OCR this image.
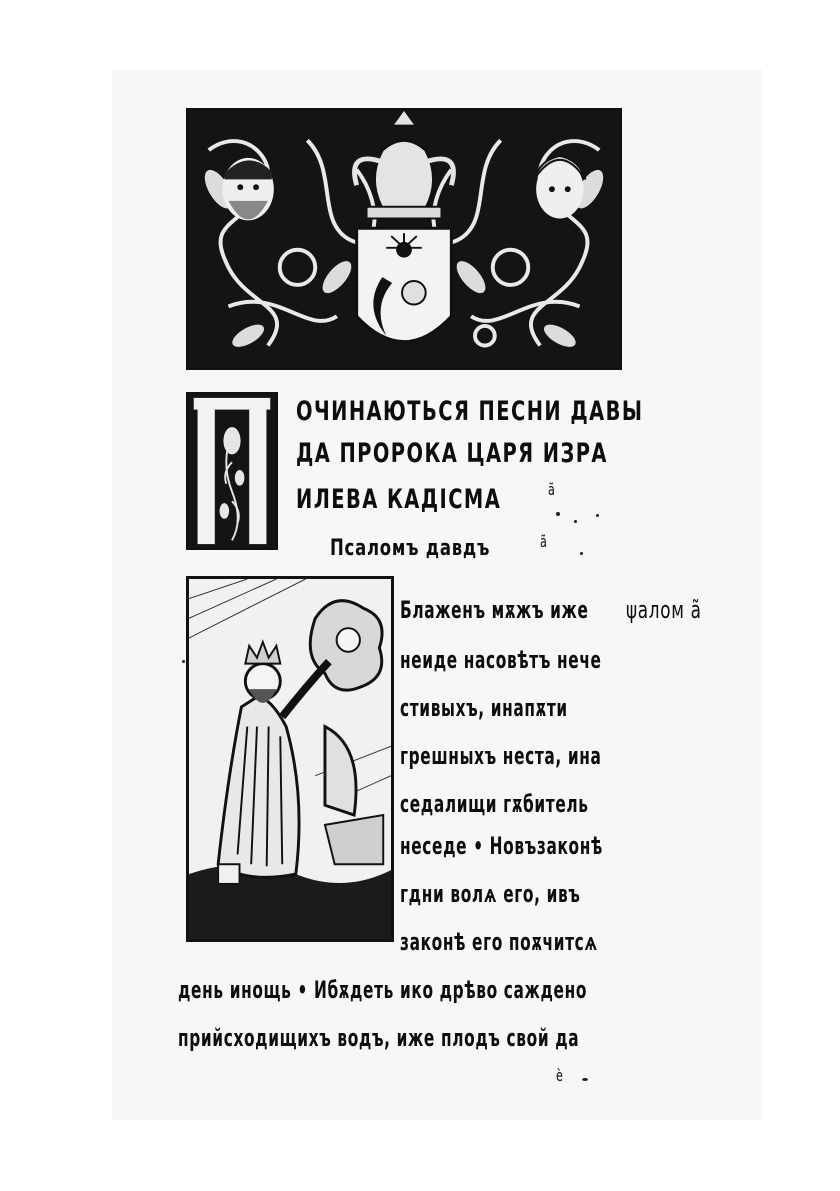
ОЧИНАЮТЬСЯ ПЕСНИ ДАВЫ
ДА ПРОРОКА ЦАРЯ ИЗРА
ИЛЕВА КАДІСМА	ã
Псаломъ давдъ	ã
ψалом ã
Блаженъ мѫжъ иже
неиде насовѣтъ нече
стивыхъ, инапѫти
грешныхъ неста, ина
седалищи гѫбитель
неседе • Новъзаконѣ
гдни волѧ его, ивъ
законѣ его поѫчитсѧ
день инощь • Ибѫдеть ико дрѣво саждено
прийсходищихъ водъ, иже плодъ свой да
ѐ
